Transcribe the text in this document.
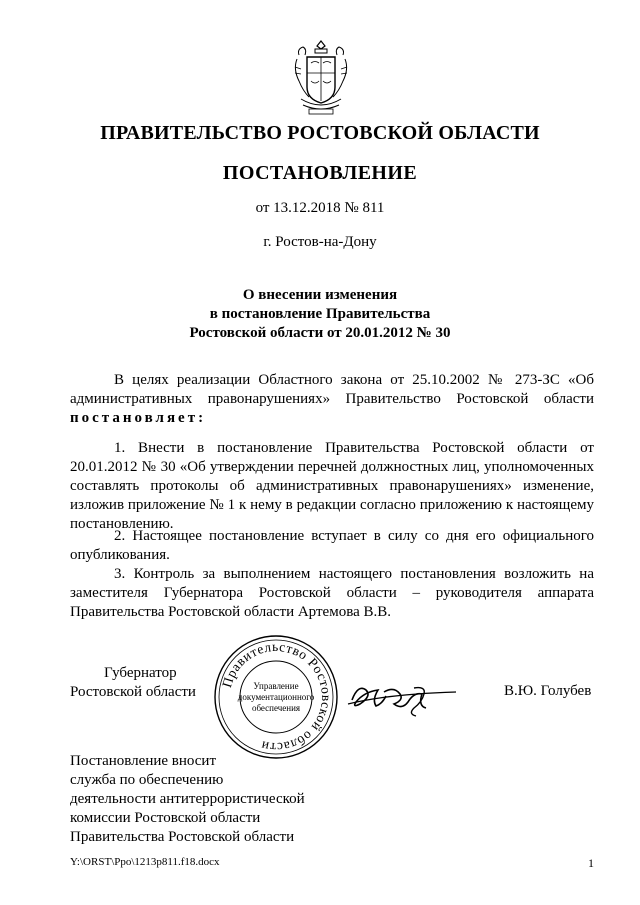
ПРАВИТЕЛЬСТВО РОСТОВСКОЙ ОБЛАСТИ
ПОСТАНОВЛЕНИЕ
от 13.12.2018 № 811
г. Ростов-на-Дону
О внесении изменения
в постановление Правительства
Ростовской области от 20.01.2012 № 30
В целях реализации Областного закона от 25.10.2002 № 273-ЗС «Об административных правонарушениях» Правительство Ростовской области постановляет:
1. Внести в постановление Правительства Ростовской области от 20.01.2012 № 30 «Об утверждении перечней должностных лиц, уполномоченных составлять протоколы об административных правонарушениях» изменение, изложив приложение № 1 к нему в редакции согласно приложению к настоящему постановлению.
2. Настоящее постановление вступает в силу со дня его официального опубликования.
3. Контроль за выполнением настоящего постановления возложить на заместителя Губернатора Ростовской области – руководителя аппарата Правительства Ростовской области Артемова В.В.
Губернатор
Ростовской области
Правительство Ростовской области
Управление
документационного
обеспечения
В.Ю. Голубев
Постановление вносит
служба по обеспечению
деятельности антитеррористической
комиссии Ростовской области
Правительства Ростовской области
Y:\ORST\Ppo\1213p811.f18.docx	1
